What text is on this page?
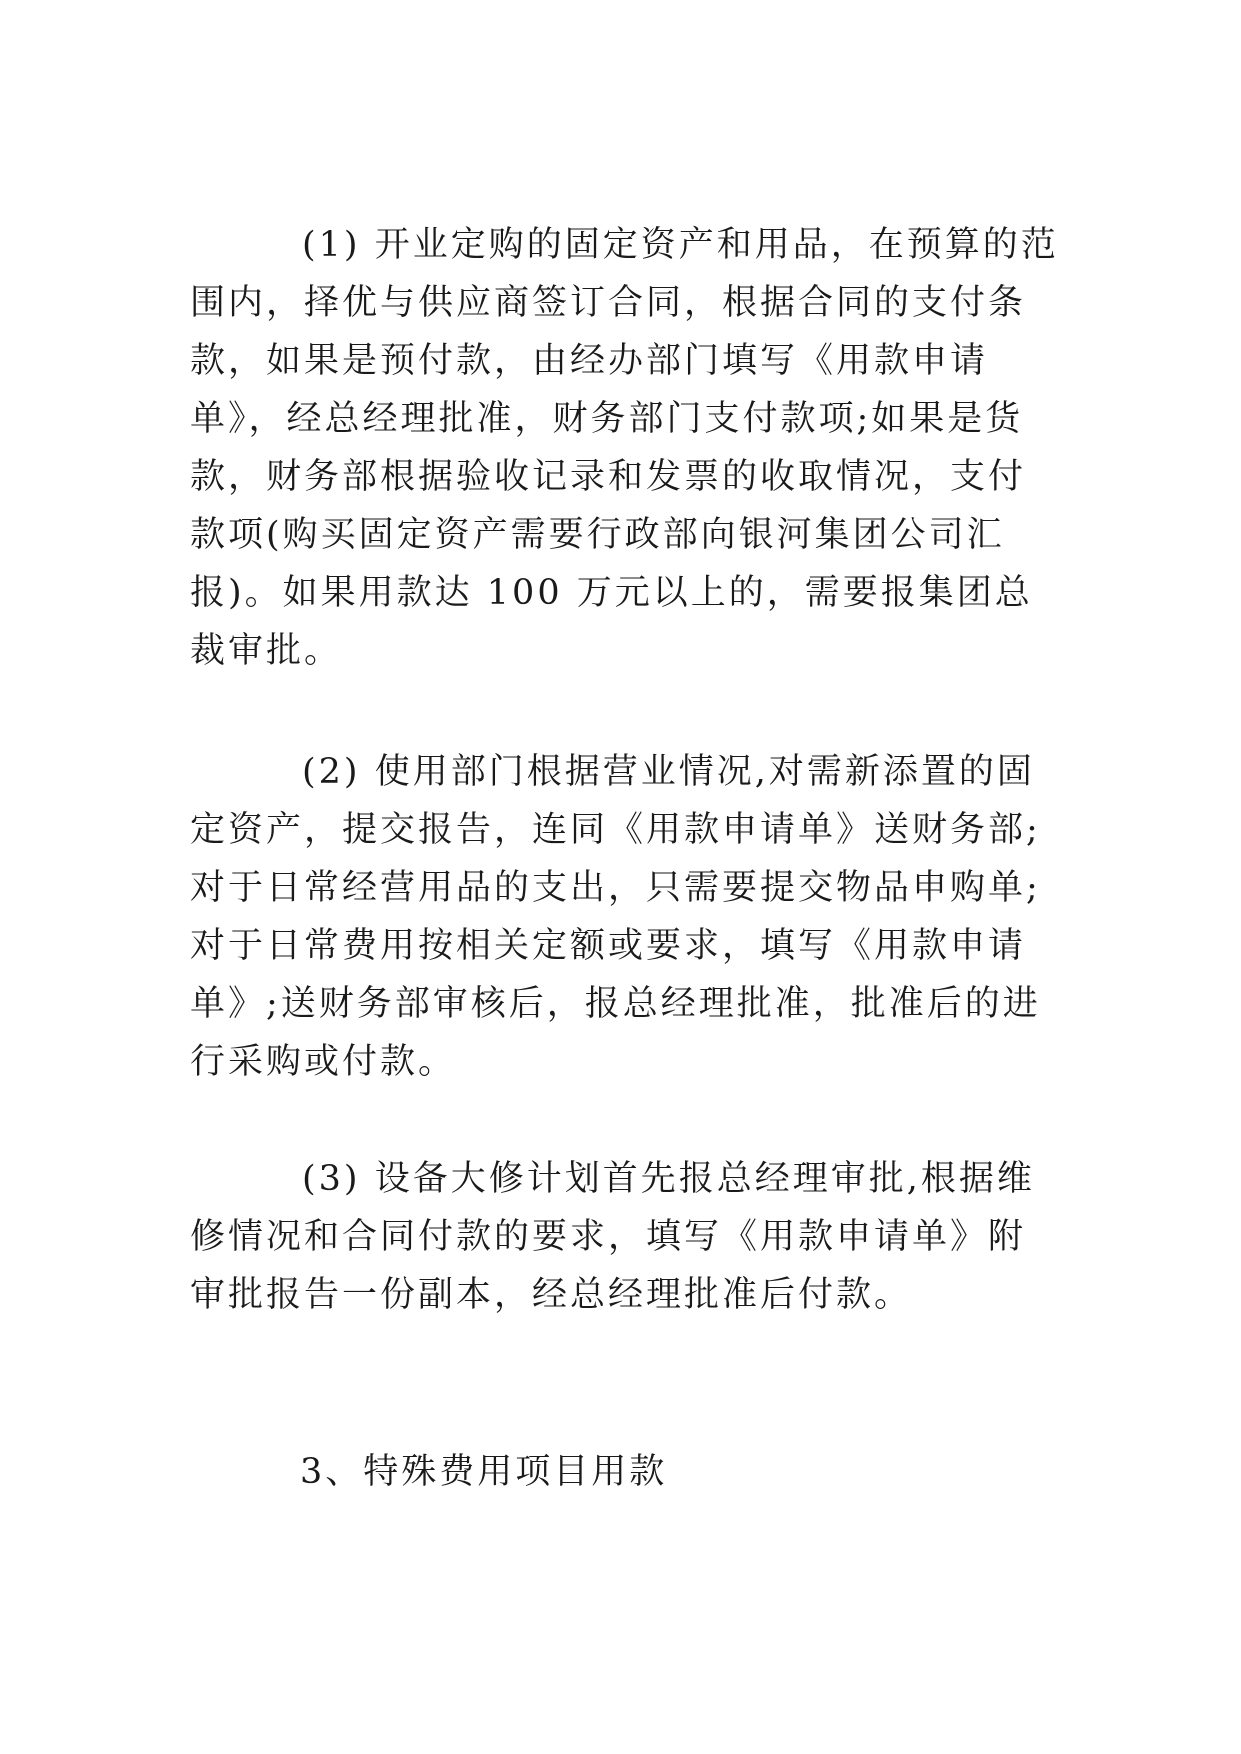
(1) 开业定购的固定资产和用品，在预算的范围内，择优与供应商签订合同，根据合同的支付条款，如果是预付款，由经办部门填写《用款申请单》，经总经理批准，财务部门支付款项;如果是货款，财务部根据验收记录和发票的收取情况，支付款项(购买固定资产需要行政部向银河集团公司汇报)。如果用款达 100 万元以上的，需要报集团总裁审批。

(2) 使用部门根据营业情况,对需新添置的固定资产，提交报告，连同《用款申请单》送财务部;对于日常经营用品的支出，只需要提交物品申购单;对于日常费用按相关定额或要求，填写《用款申请单》;送财务部审核后，报总经理批准，批准后的进行采购或付款。

(3) 设备大修计划首先报总经理审批,根据维修情况和合同付款的要求，填写《用款申请单》附审批报告一份副本，经总经理批准后付款。

3、特殊费用项目用款
